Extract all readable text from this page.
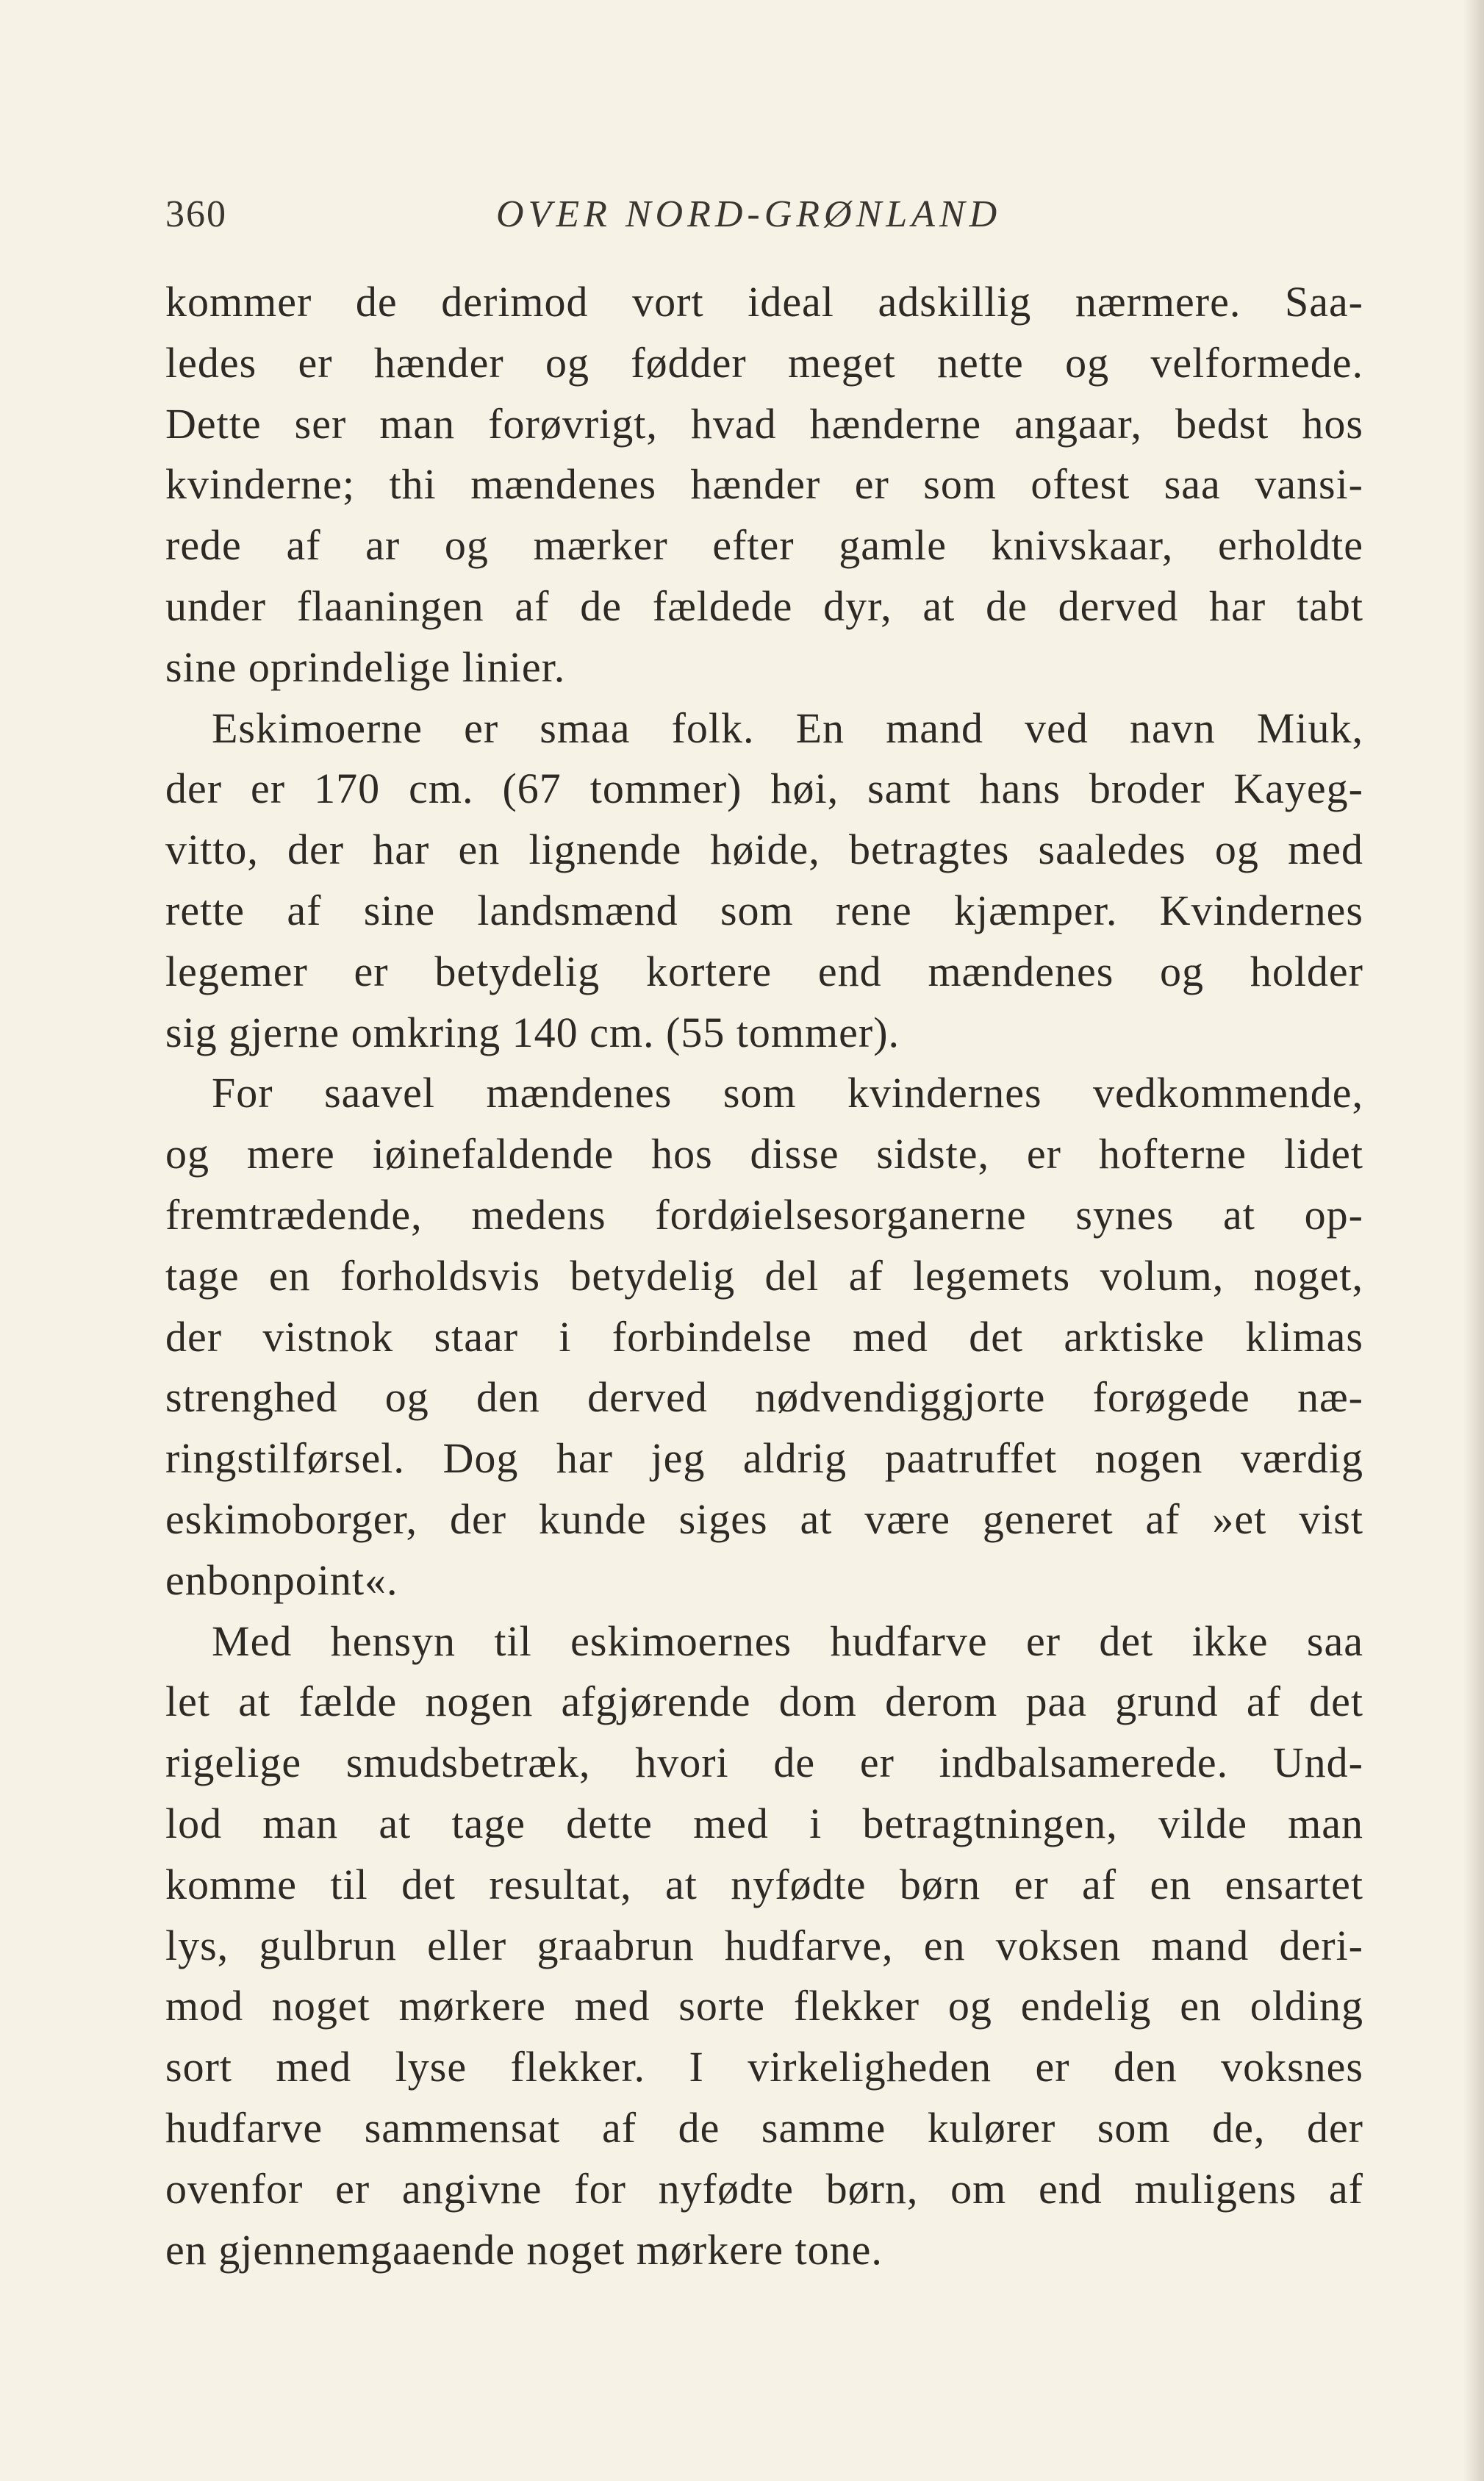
360	OVER NORD-GRØNLAND
kommer de derimod vort ideal adskillig nærmere. Saa-
ledes er hænder og fødder meget nette og velformede.
Dette ser man forøvrigt, hvad hænderne angaar, bedst hos
kvinderne; thi mændenes hænder er som oftest saa vansi-
rede af ar og mærker efter gamle knivskaar, erholdte
under flaaningen af de fældede dyr, at de derved har tabt
sine oprindelige linier.
Eskimoerne er smaa folk. En mand ved navn Miuk,
der er 170 cm. (67 tommer) høi, samt hans broder Kayeg-
vitto, der har en lignende høide, betragtes saaledes og med
rette af sine landsmænd som rene kjæmper. Kvindernes
legemer er betydelig kortere end mændenes og holder
sig gjerne omkring 140 cm. (55 tommer).
For saavel mændenes som kvindernes vedkommende,
og mere iøinefaldende hos disse sidste, er hofterne lidet
fremtrædende, medens fordøielsesorganerne synes at op-
tage en forholdsvis betydelig del af legemets volum, noget,
der vistnok staar i forbindelse med det arktiske klimas
strenghed og den derved nødvendiggjorte forøgede næ-
ringstilførsel. Dog har jeg aldrig paatruffet nogen værdig
eskimoborger, der kunde siges at være generet af »et vist
enbonpoint«.
Med hensyn til eskimoernes hudfarve er det ikke saa
let at fælde nogen afgjørende dom derom paa grund af det
rigelige smudsbetræk, hvori de er indbalsamerede. Und-
lod man at tage dette med i betragtningen, vilde man
komme til det resultat, at nyfødte børn er af en ensartet
lys, gulbrun eller graabrun hudfarve, en voksen mand deri-
mod noget mørkere med sorte flekker og endelig en olding
sort med lyse flekker. I virkeligheden er den voksnes
hudfarve sammensat af de samme kulører som de, der
ovenfor er angivne for nyfødte børn, om end muligens af
en gjennemgaaende noget mørkere tone.
